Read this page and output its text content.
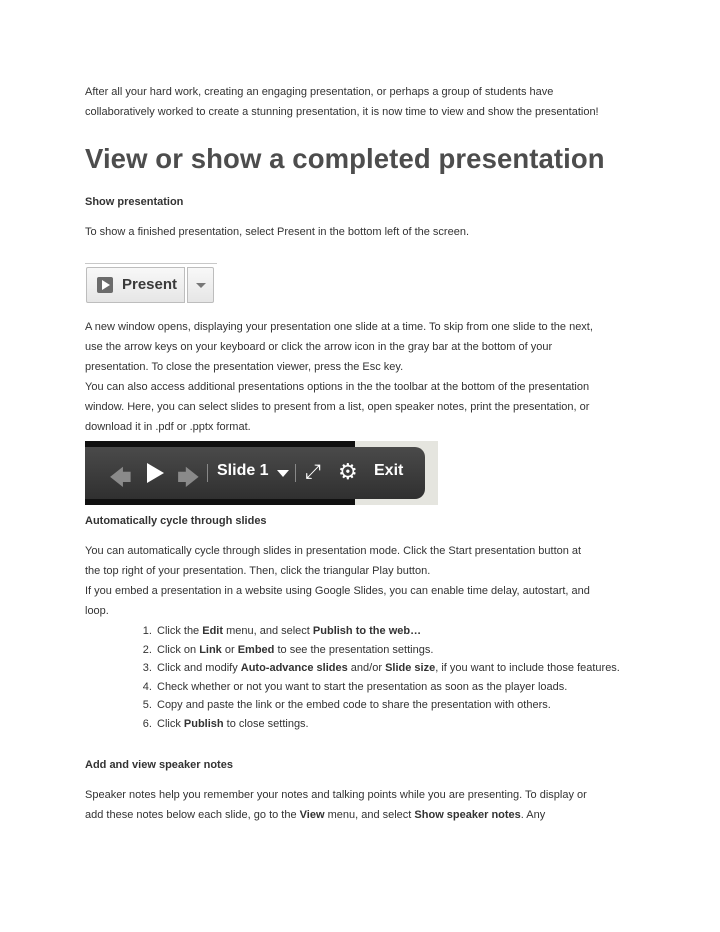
After all your hard work, creating an engaging presentation, or perhaps a group of students have

collaboratively worked to create a stunning presentation, it is now time to view and show the presentation!

View or show a completed presentation

Show presentation

To show a finished presentation, select Present in the bottom left of the screen.

Present

A new window opens, displaying your presentation one slide at a time. To skip from one slide to the next,

use the arrow keys on your keyboard or click the arrow icon in the gray bar at the bottom of your

presentation. To close the presentation viewer, press the Esc key.

You can also access additional presentations options in the the toolbar at the bottom of the presentation

window. Here, you can select slides to present from a list, open speaker notes, print the presentation, or

download it in .pdf or .pptx format.

🡄 🡆 Slide 1 ⤢ ⚙ Exit

Automatically cycle through slides

You can automatically cycle through slides in presentation mode. Click the Start presentation button at

the top right of your presentation. Then, click the triangular Play button.

If you embed a presentation in a website using Google Slides, you can enable time delay, autostart, and

loop.

1. Click the Edit menu, and select Publish to the web…
2. Click on Link or Embed to see the presentation settings.
3. Click and modify Auto-advance slides and/or Slide size, if you want to include those features.
4. Check whether or not you want to start the presentation as soon as the player loads.
5. Copy and paste the link or the embed code to share the presentation with others.
6. Click Publish to close settings.

Add and view speaker notes

Speaker notes help you remember your notes and talking points while you are presenting. To display or

add these notes below each slide, go to the View menu, and select Show speaker notes. Any
